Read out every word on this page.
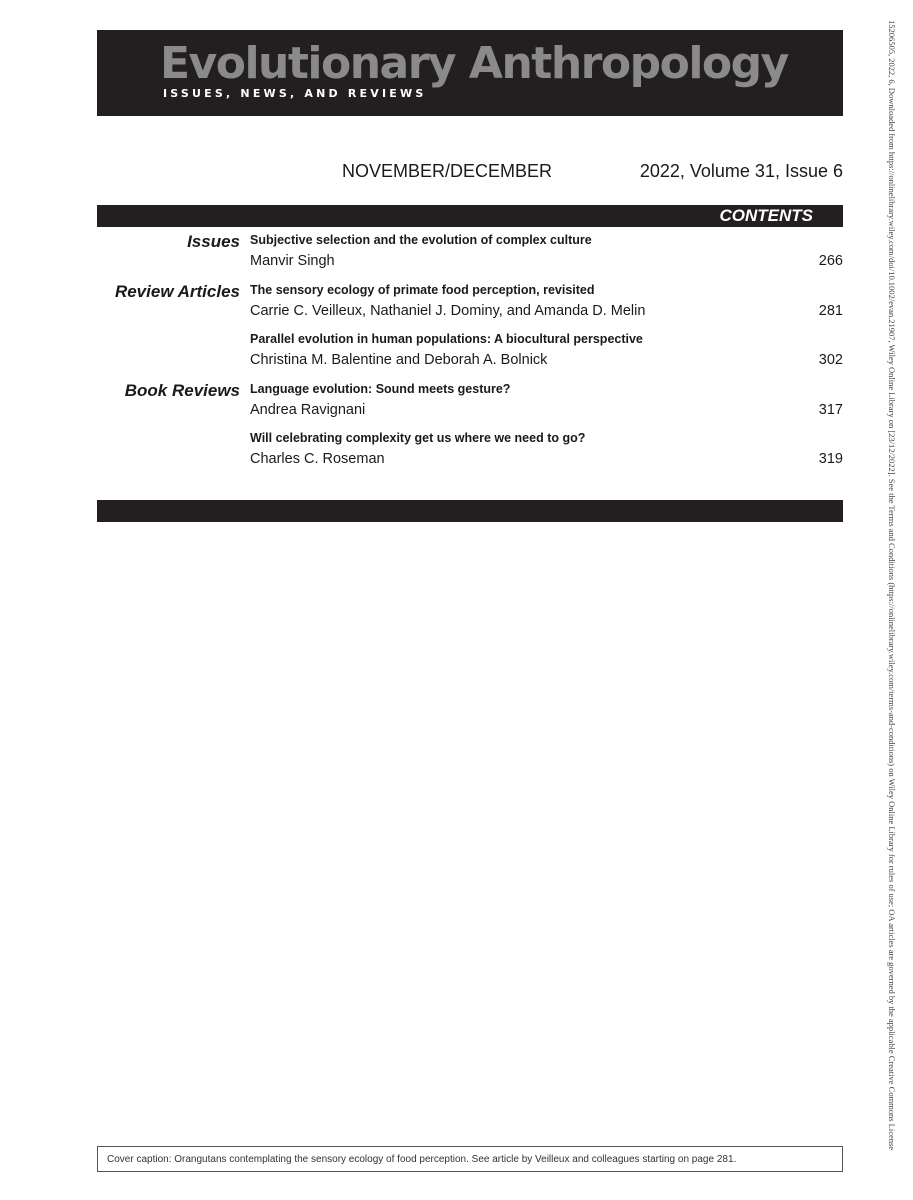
Evolutionary Anthropology
ISSUES, NEWS, AND REVIEWS
NOVEMBER/DECEMBER	2022, Volume 31, Issue 6
CONTENTS
Issues Subjective selection and the evolution of complex culture
Manvir Singh	266
Review Articles The sensory ecology of primate food perception, revisited
Carrie C. Veilleux, Nathaniel J. Dominy, and Amanda D. Melin	281
Parallel evolution in human populations: A biocultural perspective
Christina M. Balentine and Deborah A. Bolnick	302
Book Reviews Language evolution: Sound meets gesture?
Andrea Ravignani	317
Will celebrating complexity get us where we need to go?
Charles C. Roseman	319
Cover caption: Orangutans contemplating the sensory ecology of food perception. See article by Veilleux and colleagues starting on page 281.
15206505, 2022, 6, Downloaded from https://onlinelibrary.wiley.com/doi/10.1002/evan.21907, Wiley Online Library on [23/12/2022]. See the Terms and Conditions (https://onlinelibrary.wiley.com/terms-and-conditions) on Wiley Online Library for rules of use; OA articles are governed by the applicable Creative Commons License
